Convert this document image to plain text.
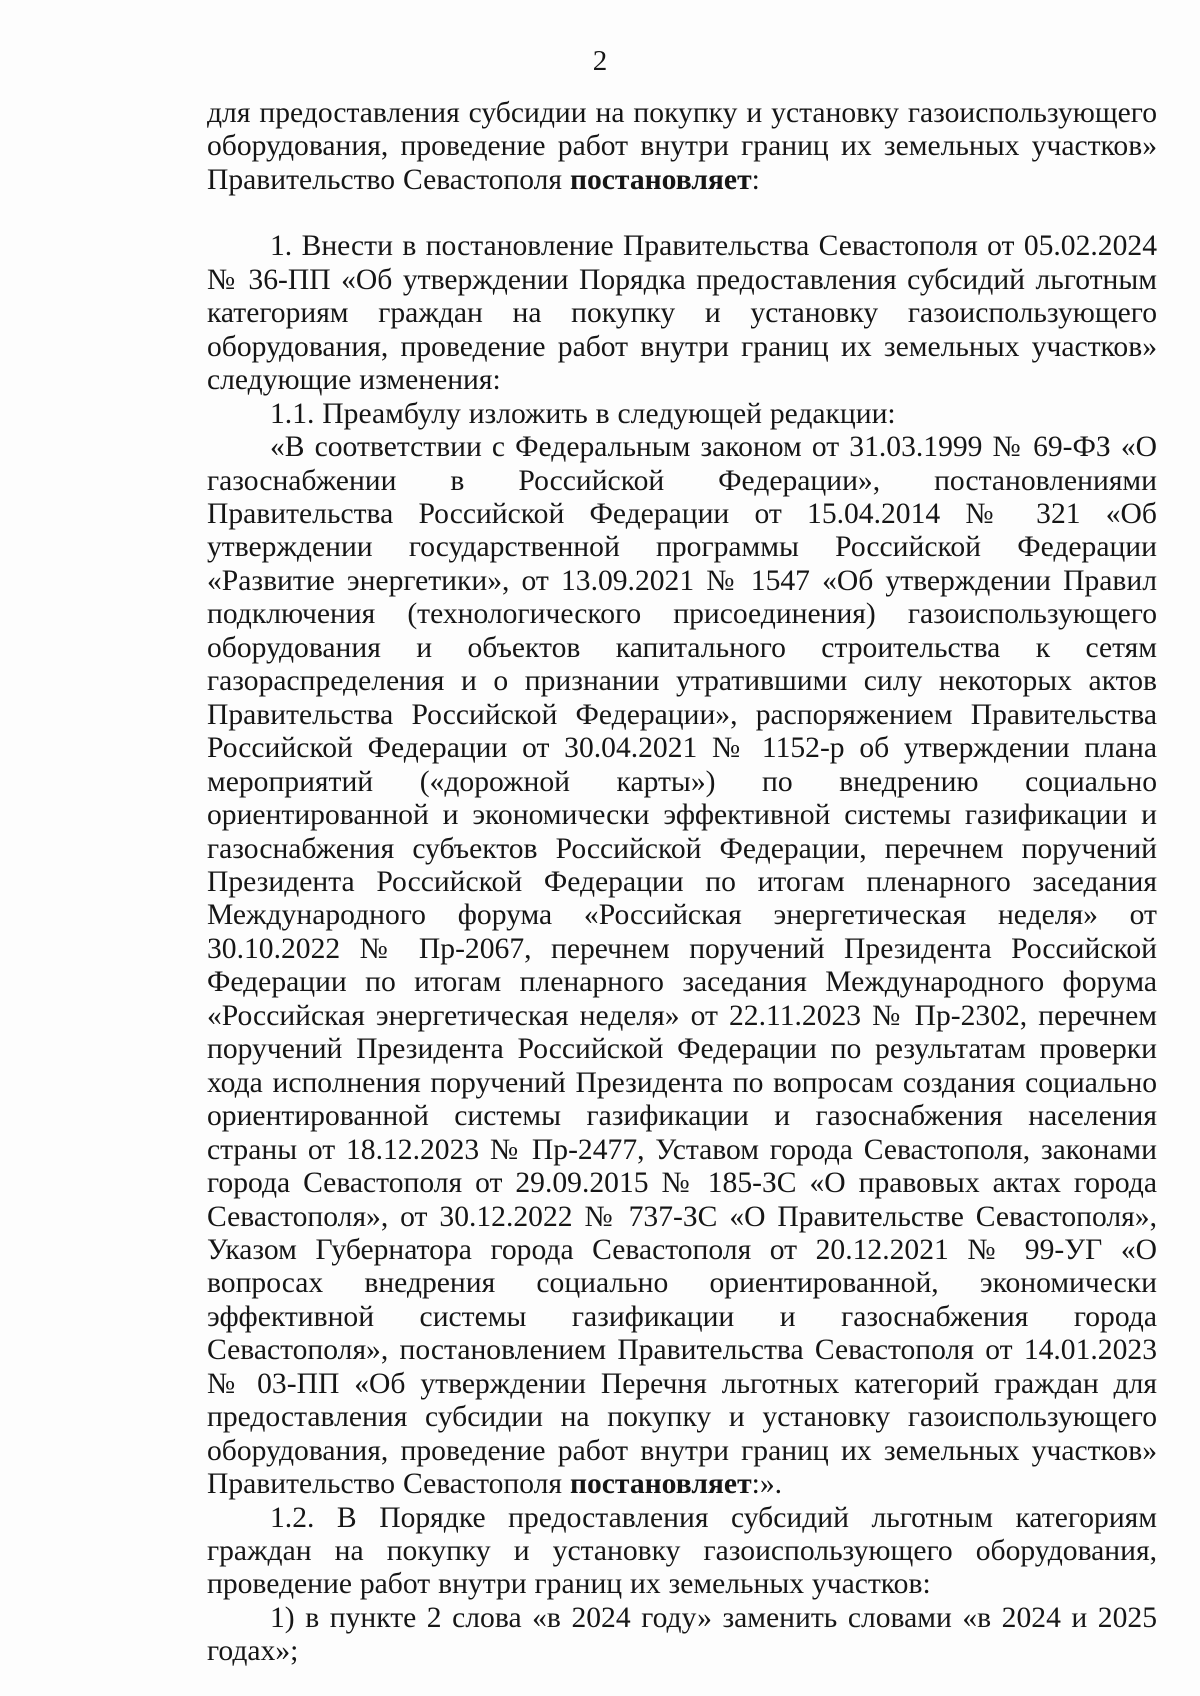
2

для предоставления субсидии на покупку и установку газоиспользующего оборудования, проведение работ внутри границ их земельных участков» Правительство Севастополя постановляет:

1. Внести в постановление Правительства Севастополя от 05.02.2024 № 36-ПП «Об утверждении Порядка предоставления субсидий льготным категориям граждан на покупку и установку газоиспользующего оборудования, проведение работ внутри границ их земельных участков» следующие изменения:

1.1. Преамбулу изложить в следующей редакции:

«В соответствии с Федеральным законом от 31.03.1999 № 69-ФЗ «О газоснабжении в Российской Федерации», постановлениями Правительства Российской Федерации от 15.04.2014 № 321 «Об утверждении государственной программы Российской Федерации «Развитие энергетики», от 13.09.2021 № 1547 «Об утверждении Правил подключения (технологического присоединения) газоиспользующего оборудования и объектов капитального строительства к сетям газораспределения и о признании утратившими силу некоторых актов Правительства Российской Федерации», распоряжением Правительства Российской Федерации от 30.04.2021 № 1152-р об утверждении плана мероприятий («дорожной карты») по внедрению социально ориентированной и экономически эффективной системы газификации и газоснабжения субъектов Российской Федерации, перечнем поручений Президента Российской Федерации по итогам пленарного заседания Международного форума «Российская энергетическая неделя» от 30.10.2022 № Пр-2067, перечнем поручений Президента Российской Федерации по итогам пленарного заседания Международного форума «Российская энергетическая неделя» от 22.11.2023 № Пр-2302, перечнем поручений Президента Российской Федерации по результатам проверки хода исполнения поручений Президента по вопросам создания социально ориентированной системы газификации и газоснабжения населения страны от 18.12.2023 № Пр-2477, Уставом города Севастополя, законами города Севастополя от 29.09.2015 № 185-ЗС «О правовых актах города Севастополя», от 30.12.2022 № 737-ЗС «О Правительстве Севастополя», Указом Губернатора города Севастополя от 20.12.2021 № 99-УГ «О вопросах внедрения социально ориентированной, экономически эффективной системы газификации и газоснабжения города Севастополя», постановлением Правительства Севастополя от 14.01.2023 № 03-ПП «Об утверждении Перечня льготных категорий граждан для предоставления субсидии на покупку и установку газоиспользующего оборудования, проведение работ внутри границ их земельных участков» Правительство Севастополя постановляет:».

1.2. В Порядке предоставления субсидий льготным категориям граждан на покупку и установку газоиспользующего оборудования, проведение работ внутри границ их земельных участков:

1) в пункте 2 слова «в 2024 году» заменить словами «в 2024 и 2025 годах»;
